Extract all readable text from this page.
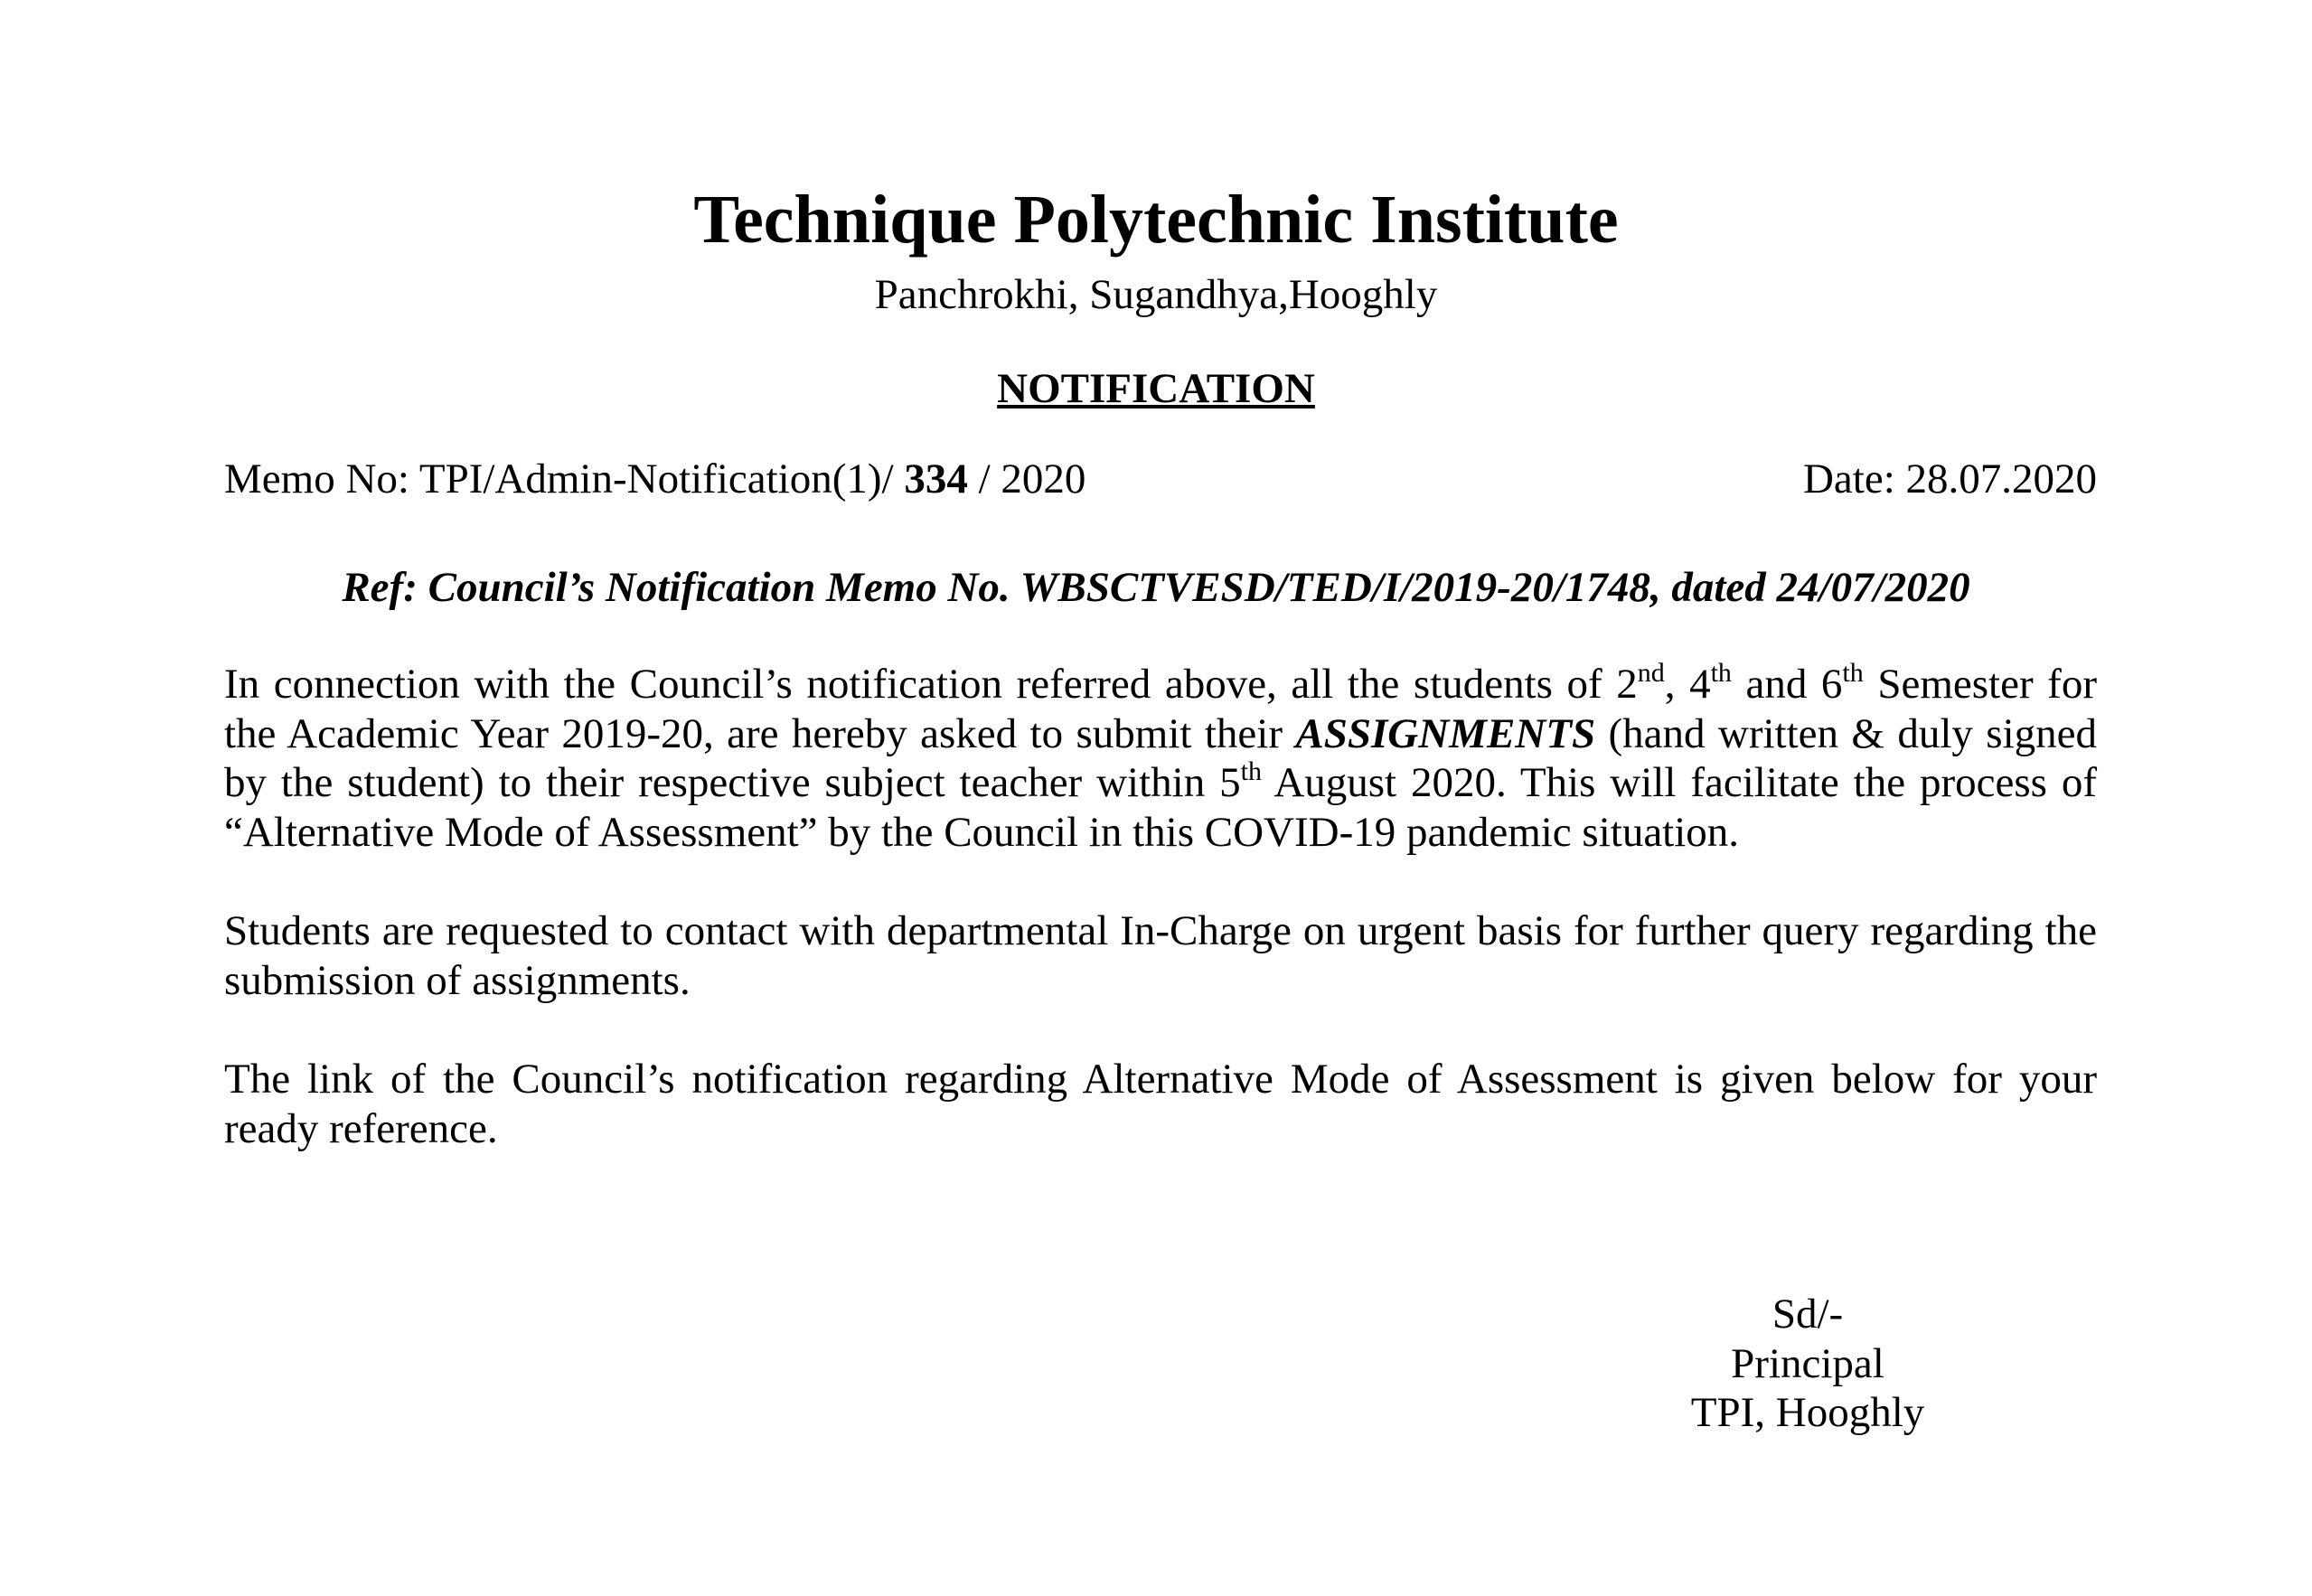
Technique Polytechnic Institute
Panchrokhi, Sugandhya,Hooghly
NOTIFICATION
Memo No: TPI/Admin-Notification(1)/ 334 / 2020	Date: 28.07.2020
Ref: Council’s Notification Memo No. WBSCTVESD/TED/I/2019-20/1748, dated 24/07/2020
In connection with the Council’s notification referred above, all the students of 2nd, 4th and 6th Semester for the Academic Year 2019-20, are hereby asked to submit their ASSIGNMENTS (hand written & duly signed by the student) to their respective subject teacher within 5th August 2020. This will facilitate the process of “Alternative Mode of Assessment” by the Council in this COVID-19 pandemic situation.
Students are requested to contact with departmental In-Charge on urgent basis for further query regarding the submission of assignments.
The link of the Council’s notification regarding Alternative Mode of Assessment is given below for your ready reference.
Sd/-
Principal
TPI, Hooghly
